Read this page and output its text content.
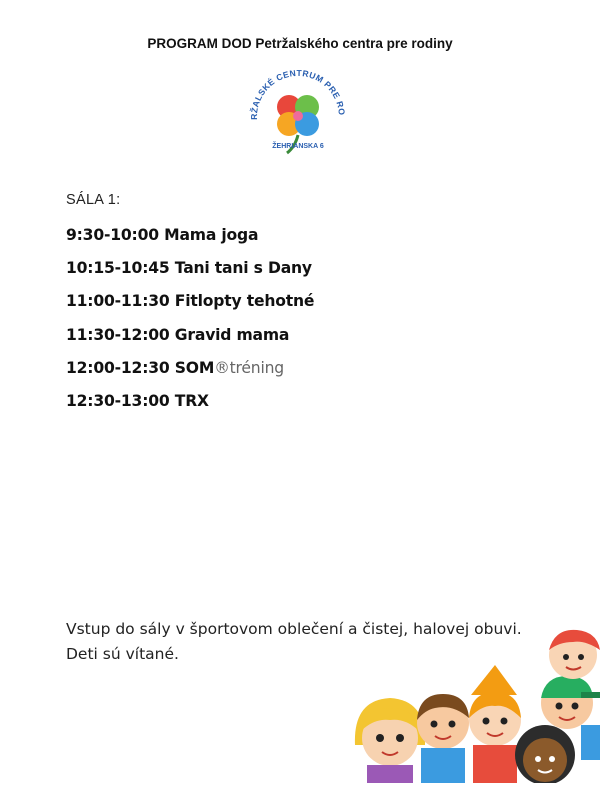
PROGRAM DOD Petržalského centra pre rodiny
RŽALSKÉ CENTRUM PRE RO
ŽEHRIANSKA 6
SÁLA 1:
9:30-10:00 Mama joga
10:15-10:45 Tani tani s Dany
11:00-11:30 Fitlopty tehotné
11:30-12:00 Gravid mama
12:00-12:30 SOM®tréning
12:30-13:00 TRX
Vstup do sály v športovom oblečení a čistej, halovej obuvi. Deti sú vítané.
